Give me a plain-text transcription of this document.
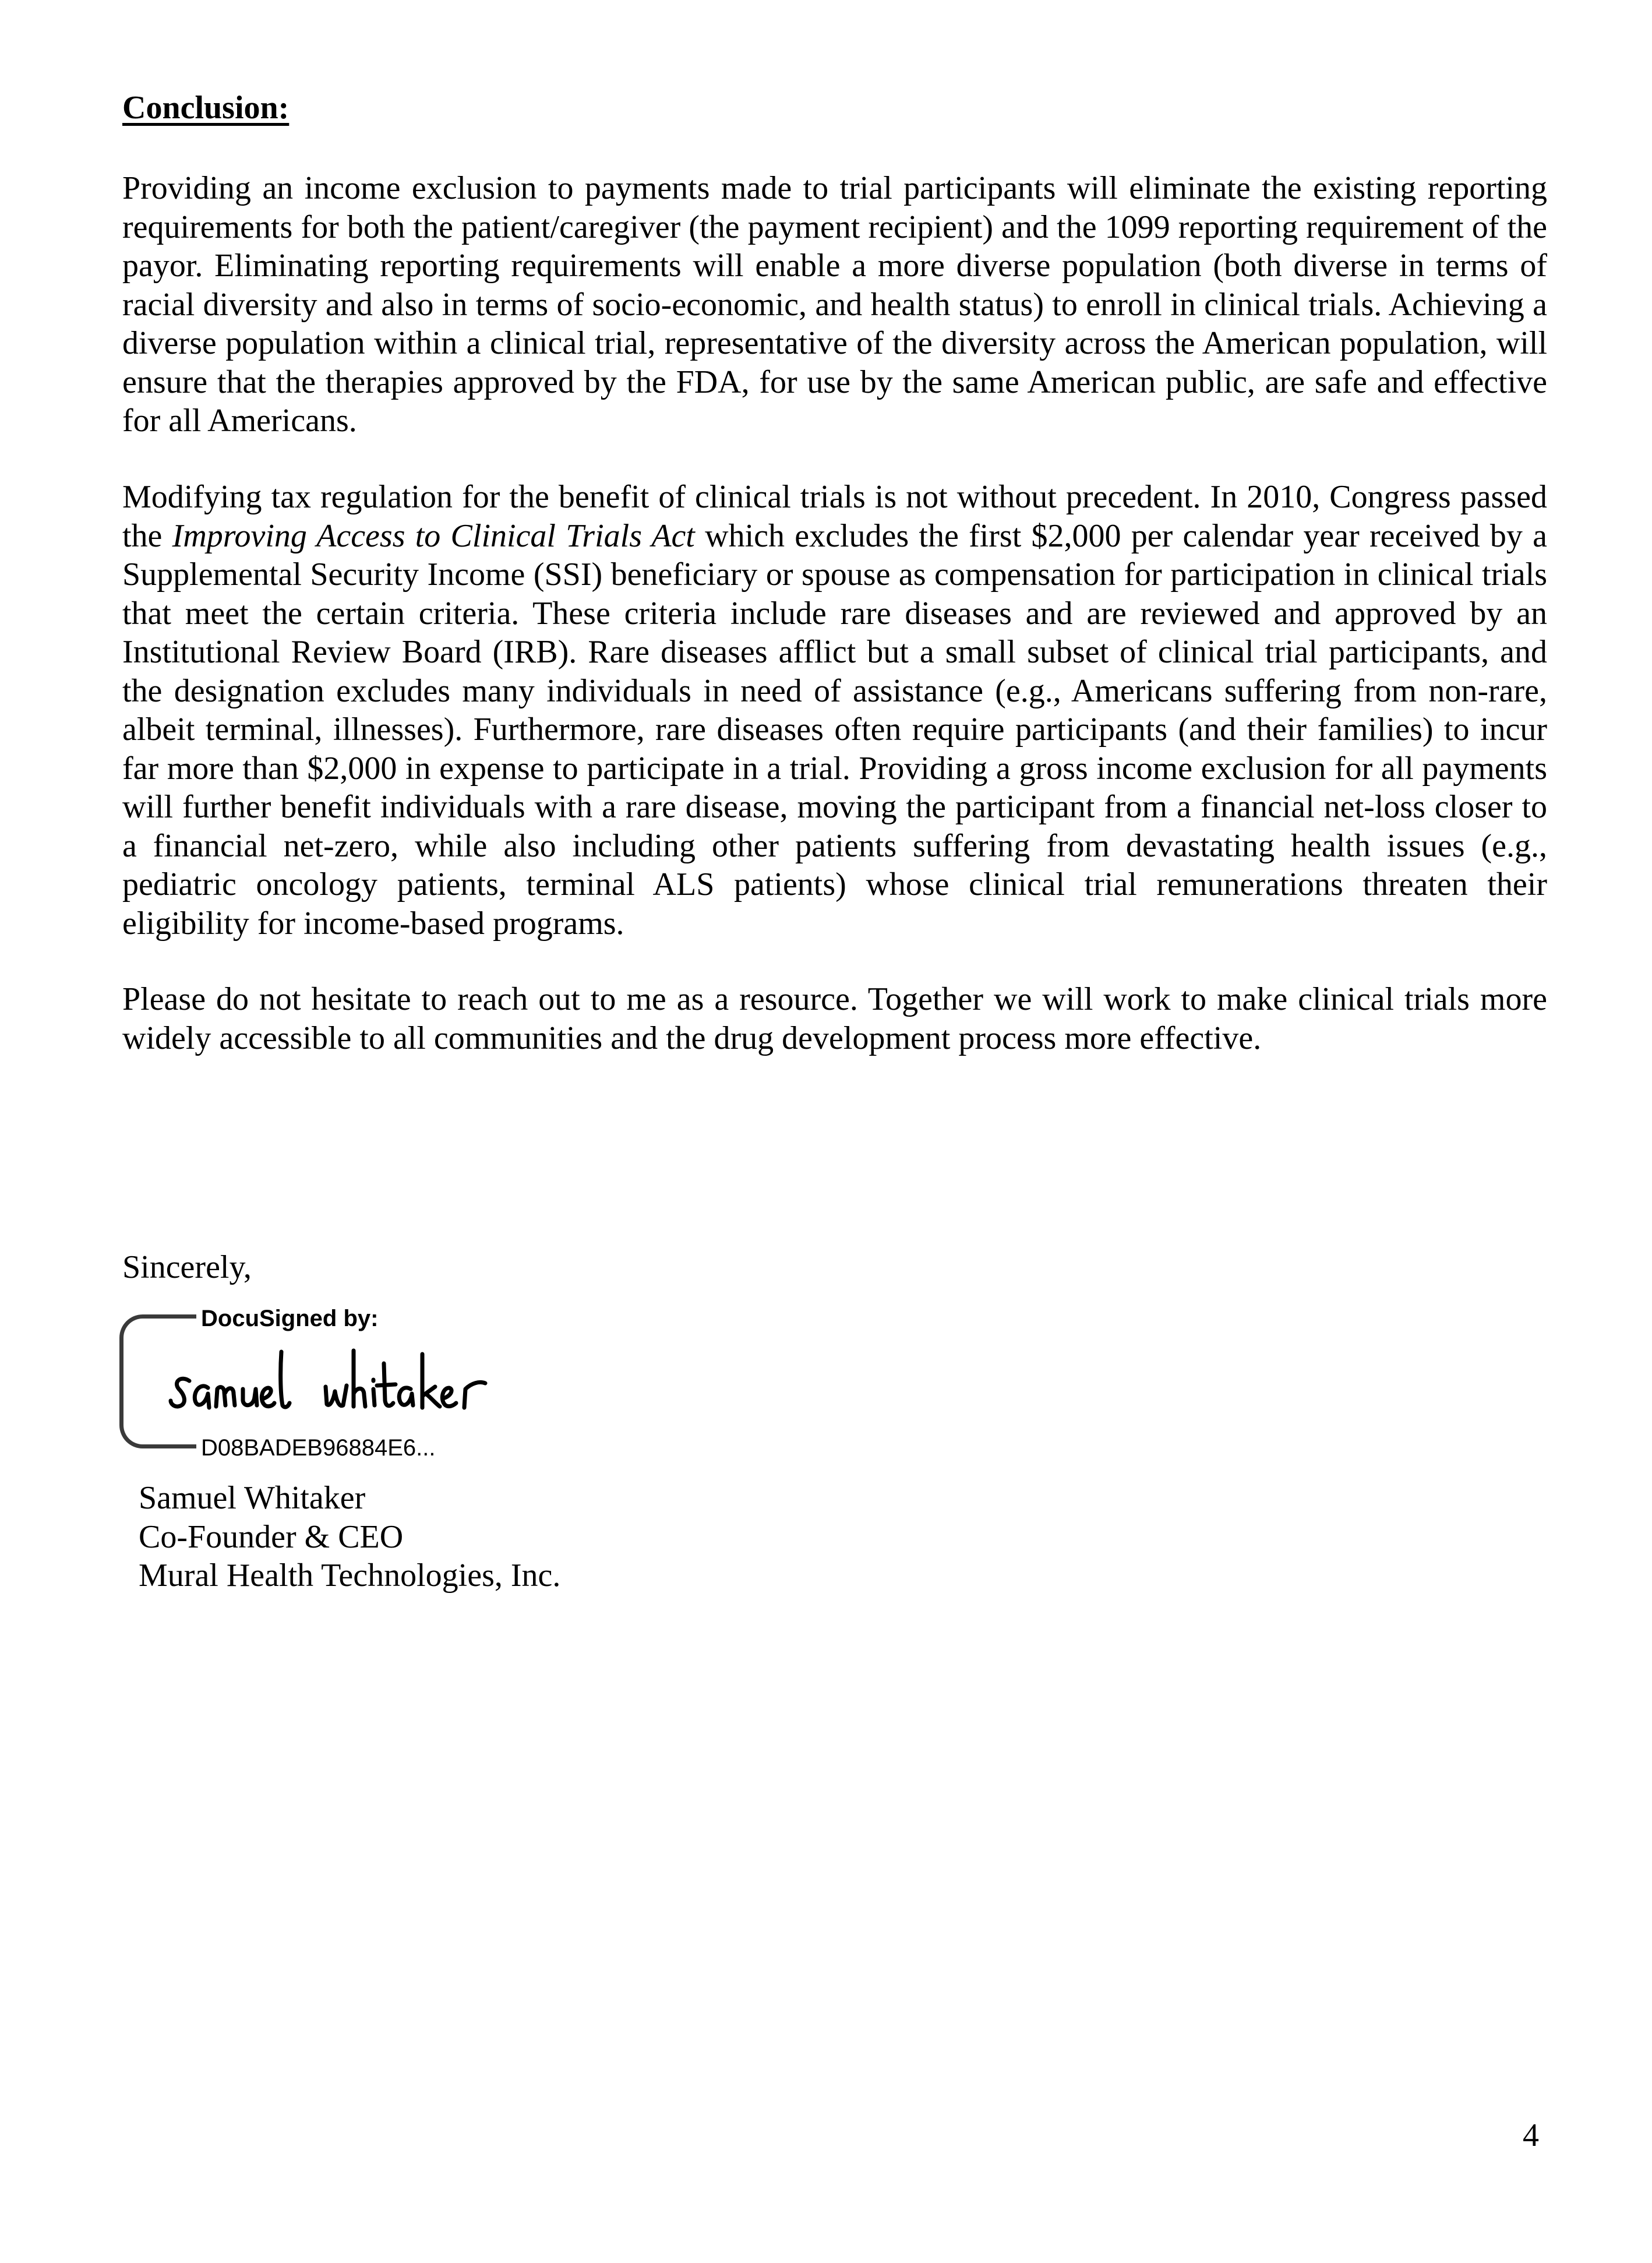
Conclusion:

Providing an income exclusion to payments made to trial participants will eliminate the existing reporting requirements for both the patient/caregiver (the payment recipient) and the 1099 reporting requirement of the payor. Eliminating reporting requirements will enable a more diverse population (both diverse in terms of racial diversity and also in terms of socio-economic, and health status) to enroll in clinical trials. Achieving a diverse population within a clinical trial, representative of the diversity across the American population, will ensure that the therapies approved by the FDA, for use by the same American public, are safe and effective for all Americans.

Modifying tax regulation for the benefit of clinical trials is not without precedent. In 2010, Congress passed the Improving Access to Clinical Trials Act which excludes the first $2,000 per calendar year received by a Supplemental Security Income (SSI) beneficiary or spouse as compensation for participation in clinical trials that meet the certain criteria. These criteria include rare diseases and are reviewed and approved by an Institutional Review Board (IRB). Rare diseases afflict but a small subset of clinical trial participants, and the designation excludes many individuals in need of assistance (e.g., Americans suffering from non-rare, albeit terminal, illnesses). Furthermore, rare diseases often require participants (and their families) to incur far more than $2,000 in expense to participate in a trial. Providing a gross income exclusion for all payments will further benefit individuals with a rare disease, moving the participant from a financial net-loss closer to a financial net-zero, while also including other patients suffering from devastating health issues (e.g., pediatric oncology patients, terminal ALS patients) whose clinical trial remunerations threaten their eligibility for income-based programs.

Please do not hesitate to reach out to me as a resource. Together we will work to make clinical trials more widely accessible to all communities and the drug development process more effective.

Sincerely,
DocuSigned by:
D08BADEB96884E6...
Samuel Whitaker
Co-Founder & CEO
Mural Health Technologies, Inc.
4
